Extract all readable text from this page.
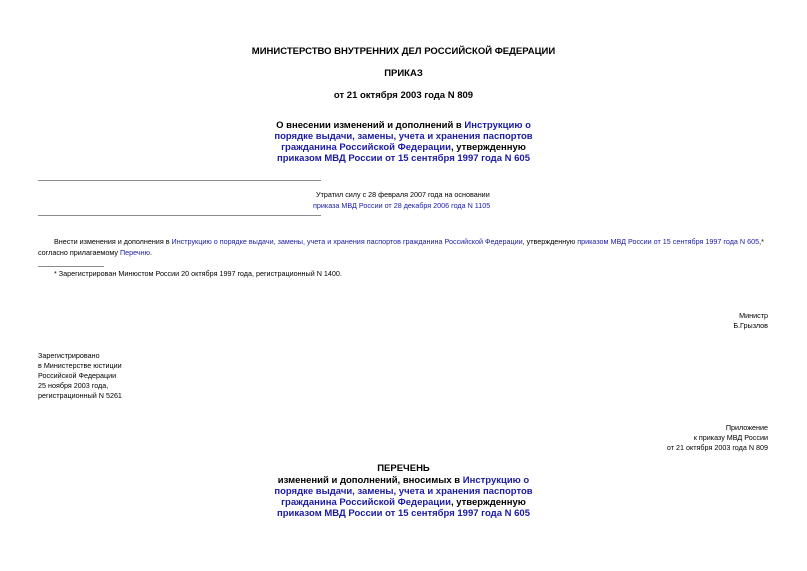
МИНИСТЕРСТВО ВНУТРЕННИХ ДЕЛ РОССИЙСКОЙ ФЕДЕРАЦИИ
ПРИКАЗ
от 21 октября 2003 года N 809
О внесении изменений и дополнений в Инструкцию о
порядке выдачи, замены, учета и хранения паспортов
гражданина Российской Федерации, утвержденную
приказом МВД России от 15 сентября 1997 года N 605
Утратил силу с 28 февраля 2007 года на основании
приказа МВД России от 28 декабря 2006 года N 1105
Внести изменения и дополнения в Инструкцию о порядке выдачи, замены, учета и хранения паспортов гражданина Российской Федерации, утвержденную приказом МВД России от 15 сентября 1997 года N 605,*
согласно прилагаемому Перечню.
* Зарегистрирован Минюстом России 20 октября 1997 года, регистрационный N 1400.
Министр
Б.Грызлов
Зарегистрировано
в Министерстве юстиции
Российской Федерации
25 ноября 2003 года,
регистрационный N 5261
Приложение
к приказу МВД России
от 21 октября 2003 года N 809
ПЕРЕЧЕНЬ
изменений и дополнений, вносимых в Инструкцию о
порядке выдачи, замены, учета и хранения паспортов
гражданина Российской Федерации, утвержденную
приказом МВД России от 15 сентября 1997 года N 605
